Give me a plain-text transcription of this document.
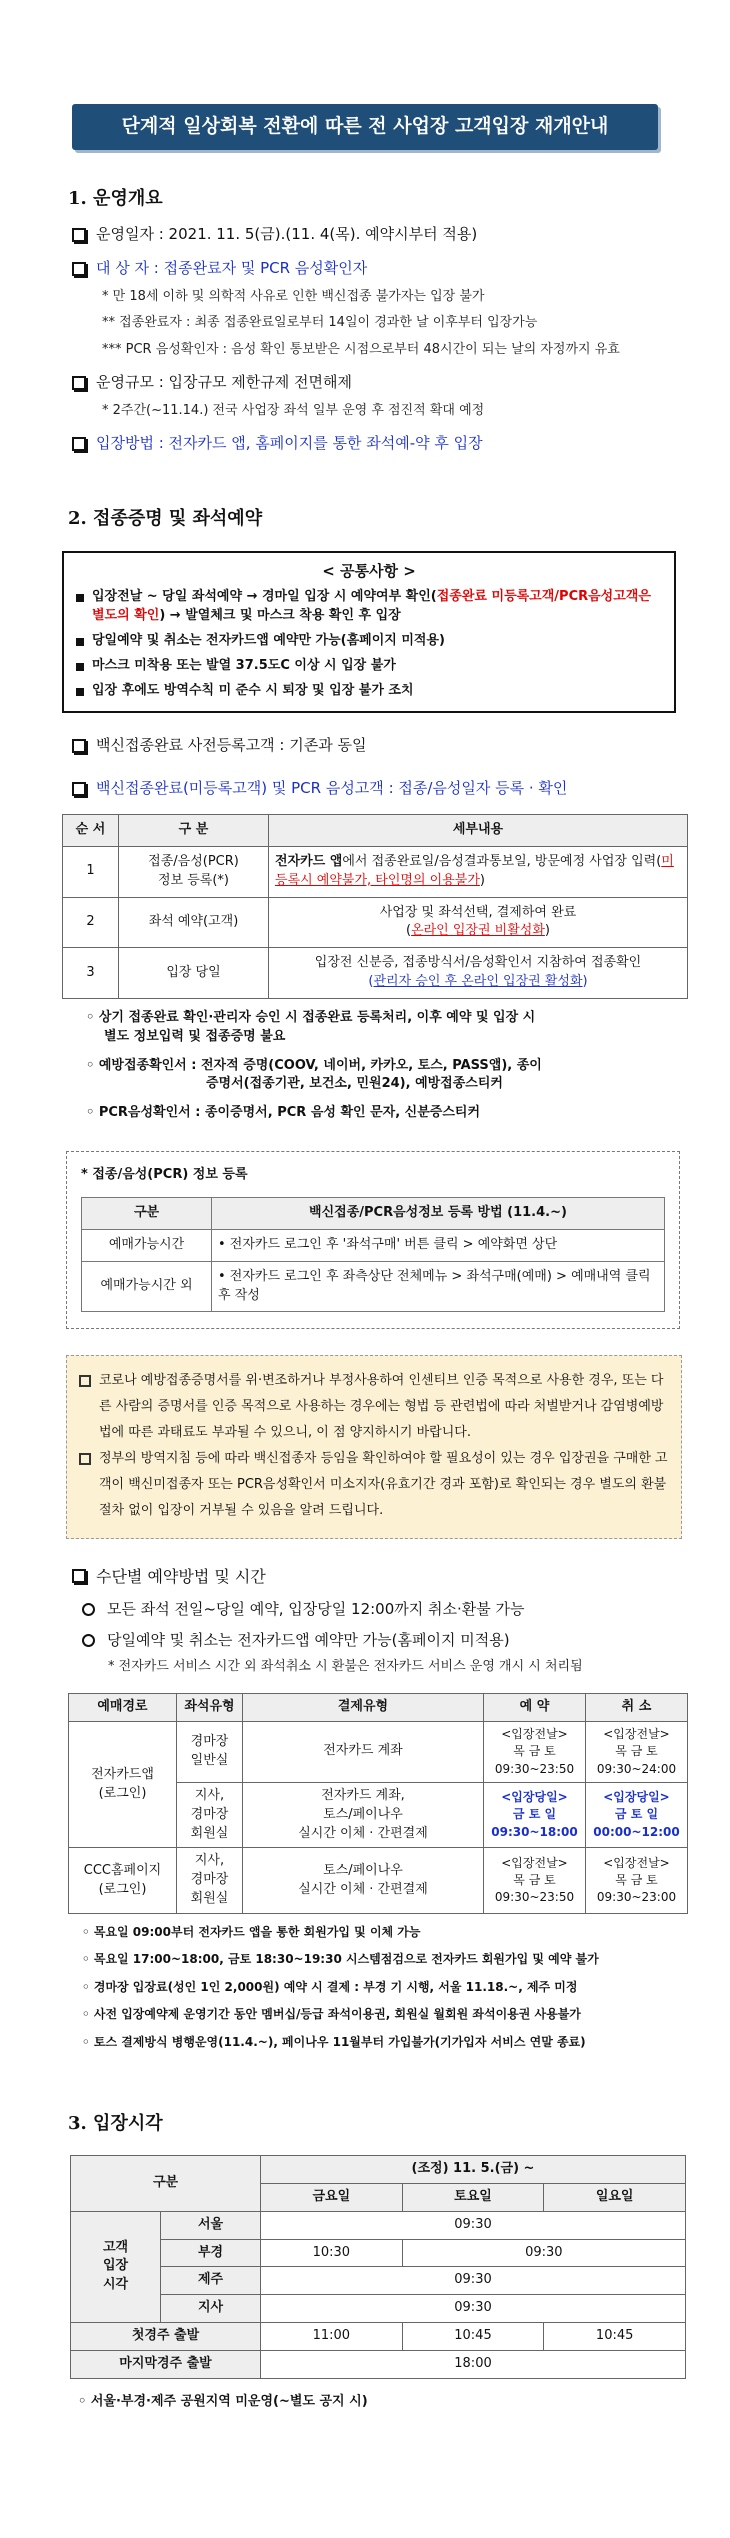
단계적 일상회복 전환에 따른 전 사업장 고객입장 재개안내
1. 운영개요
운영일자 : 2021. 11. 5(금).(11. 4(목). 예약시부터 적용)
대 상 자 : 접종완료자 및 PCR 음성확인자
* 만 18세 이하 및 의학적 사유로 인한 백신접종 불가자는 입장 불가
** 접종완료자 : 최종 접종완료일로부터 14일이 경과한 날 이후부터 입장가능
*** PCR 음성확인자 : 음성 확인 통보받은 시점으로부터 48시간이 되는 날의 자정까지 유효
운영규모 : 입장규모 제한규제 전면해제
* 2주간(~11.14.) 전국 사업장 좌석 일부 운영 후 점진적 확대 예정
입장방법 : 전자카드 앱, 홈페이지를 통한 좌석예-약 후 입장
2. 접종증명 및 좌석예약
< 공통사항 >
입장전날 ~ 당일 좌석예약 → 경마일 입장 시 예약여부 확인(접종완료 미등록고객/PCR음성고객은 별도의 확인) → 발열체크 및 마스크 착용 확인 후 입장
당일예약 및 취소는 전자카드앱 예약만 가능(홈페이지 미적용)
마스크 미착용 또는 발열 37.5도C 이상 시 입장 불가
입장 후에도 방역수칙 미 준수 시 퇴장 및 입장 불가 조치
백신접종완료 사전등록고객 : 기존과 동일
백신접종완료(미등록고객) 및 PCR 음성고객 : 접종/음성일자 등록 · 확인
순 서	구 분	세부내용
1	접종/음성(PCR)
정보 등록(*)	전자카드 앱에서 접종완료일/음성결과통보일, 방문예정 사업장 입력(미 등록시 예약불가, 타인명의 이용불가)
2	좌석 예약(고객)	사업장 및 좌석선택, 결제하여 완료
(온라인 입장권 비활성화)

3	입장 당일	입장전 신분증, 접종방식서/음성확인서 지참하여 접종확인
(관리자 승인 후 온라인 입장권 활성화)
◦ 상기 접종완료 확인·관리자 승인 시 접종완료 등록처리, 이후 예약 및 입장 시
별도 정보입력 및 접종증명 불요
◦ 예방접종확인서 : 전자적 증명(COOV, 네이버, 카카오, 토스, PASS앱), 종이
증명서(접종기관, 보건소, 민원24), 예방접종스티커
◦ PCR음성확인서 : 종이증명서, PCR 음성 확인 문자, 신분증스티커
* 접종/음성(PCR) 정보 등록
구분	백신접종/PCR음성정보 등록 방법 (11.4.~)
예매가능시간	• 전자카드 로그인 후 '좌석구매' 버튼 클릭 > 예약화면 상단
예매가능시간 외	• 전자카드 로그인 후 좌측상단 전체메뉴 > 좌석구매(예매) > 예매내역 클릭 후 작성
코로나 예방접종증명서를 위·변조하거나 부정사용하여 인센티브 인증 목적으로 사용한 경우, 또는 다른 사람의 증명서를 인증 목적으로 사용하는 경우에는 형법 등 관련법에 따라 처벌받거나 감염병예방법에 따른 과태료도 부과될 수 있으니, 이 점 양지하시기 바랍니다.
정부의 방역지침 등에 따라 백신접종자 등임을 확인하여야 할 필요성이 있는 경우 입장권을 구매한 고객이 백신미접종자 또는 PCR음성확인서 미소지자(유효기간 경과 포함)로 확인되는 경우 별도의 환불 절차 없이 입장이 거부될 수 있음을 알려 드립니다.
수단별 예약방법 및 시간
모든 좌석 전일~당일 예약, 입장당일 12:00까지 취소·환불 가능
당일예약 및 취소는 전자카드앱 예약만 가능(홈페이지 미적용)
* 전자카드 서비스 시간 외 좌석취소 시 환불은 전자카드 서비스 운영 개시 시 처리됨
예매경로	좌석유형	결제유형	예 약	취 소
전자카드앱
(로그인)	경마장
일반실	전자카드 계좌	<입장전날>
목 금 토
09:30~23:50	<입장전날>
목 금 토
09:30~24:00
	지사,
경마장
회원실	전자카드 계좌,
토스/페이나우
실시간 이체 · 간편결제	<입장당일>
금 토 일
09:30~18:00	<입장당일>
금 토 일
00:00~12:00
CCC홈페이지
(로그인)	지사,
경마장
회원실	토스/페이나우
실시간 이체 · 간편결제	<입장전날>
목 금 토
09:30~23:50	<입장전날>
목 금 토
09:30~23:00
◦ 목요일 09:00부터 전자카드 앱을 통한 회원가입 및 이체 가능
◦ 목요일 17:00~18:00, 금토 18:30~19:30 시스템점검으로 전자카드 회원가입 및 예약 불가
◦ 경마장 입장료(성인 1인 2,000원) 예약 시 결제 : 부경 기 시행, 서울 11.18.~, 제주 미정
◦ 사전 입장예약제 운영기간 동안 멤버십/등급 좌석이용권, 회원실 월회원 좌석이용권 사용불가
◦ 토스 결제방식 병행운영(11.4.~), 페이나우 11월부터 가입불가(기가입자 서비스 연말 종료)
3. 입장시각
구분		(조정) 11. 5.(금) ~		
		금요일	토요일	일요일
고객
입장
시각	서울	09:30		
	부경	10:30	09:30	
	제주	09:30		
	지사	09:30		
첫경주 출발		11:00	10:45	10:45
마지막경주 출발		18:00		
◦ 서울·부경·제주 공원지역 미운영(~별도 공지 시)
